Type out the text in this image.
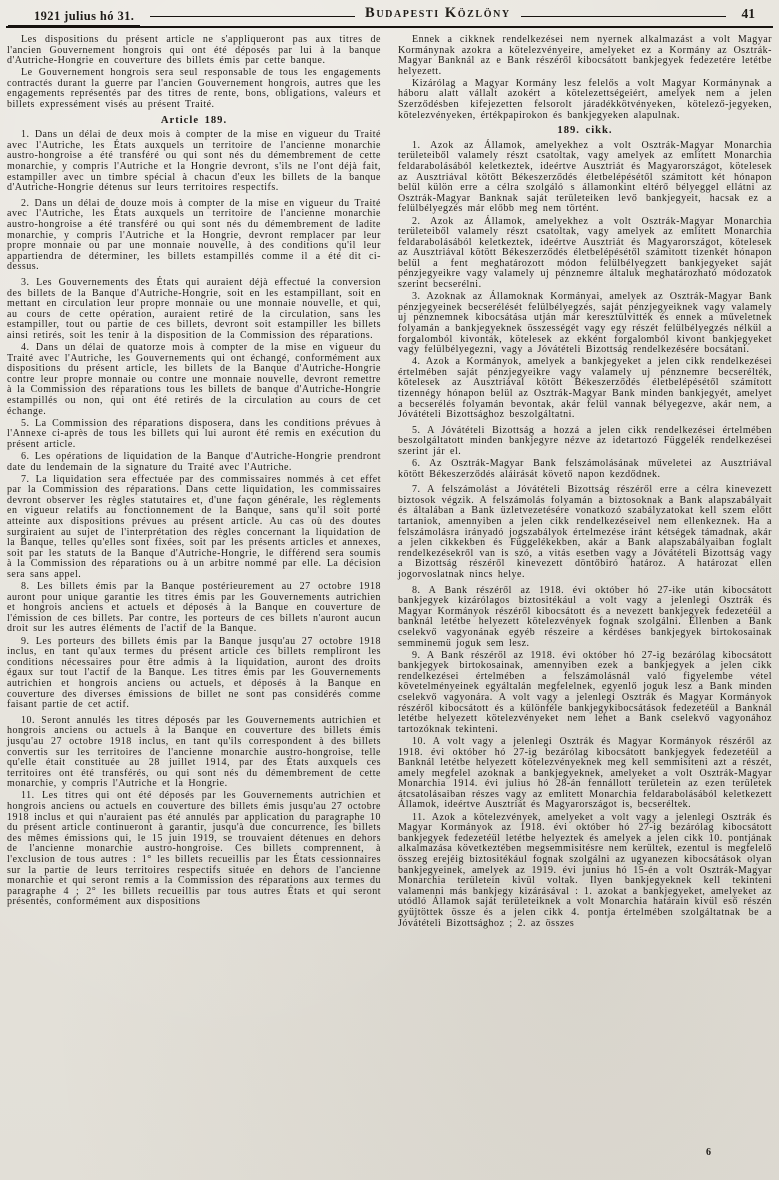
1921 julius hó 31.	Budapesti Közlöny	41

Les dispositions du présent article ne s'appliqueront pas aux titres de l'ancien Gouvernement hongrois qui ont été déposés par lui à la banque d'Autriche-Hongrie en couverture des billets émis par cette banque.

Le Gouvernement hongrois sera seul responsable de tous les engagements contractés durant la guerre par l'ancien Gouvernement hongrois, autres que les engagements représentés par des titres de rente, bons, obligations, valeurs et billets expressément visés au présent Traité.

Article 189.

1. Dans un délai de deux mois à compter de la mise en vigueur du Traité avec l'Autriche, les États auxquels un territoire de l'ancienne monarchie austro-hongroise a été transféré ou qui sont nés du démembrement de cette monarchie, y compris l'Autriche et la Hongrie devront, s'ils ne l'ont déjà fait, estampiller avec un timbre spécial à chacun d'eux les billets de la banque d'Autriche-Hongrie détenus sur leurs territoires respectifs.

2. Dans un délai de douze mois à compter de la mise en vigueur du Traité avec l'Autriche, les États auxquels un territoire de l'ancienne monarchie austro-hongroise a été transféré ou qui sont nés du démembrement de ladite monarchie, y compris l'Autriche et la Hongrie, devront remplacer par leur propre monnaie ou par une monnaie nouvelle, à des conditions qu'il leur appartiendra de déterminer, les billets estampillés comme il a été dit ci-dessus.

3. Les Gouvernements des États qui auraient déjà effectué la conversion des billets de la Banque d'Autriche-Hongrie, soit en les estampillant, soit en mettant en circulation leur propre monnaie ou une monnaie nouvelle, et qui, au cours de cette opération, auraient retiré de la circulation, sans les estampiller, tout ou partie de ces billets, devront soit estampiller les billets ainsi retirés, soit les tenir à la disposition de la Commission des réparations.

4. Dans un délai de quatorze mois à compter de la mise en vigueur du Traité avec l'Autriche, les Gouvernements qui ont échangé, conformément aux dispositions du présent article, les billets de la Banque d'Autriche-Hongrie contre leur propre monnaie ou contre une monnaie nouvelle, devront remettre à la Commission des réparations tous les billets de banque d'Autriche-Hongrie estampillés ou non, qui ont été retirés de la circulation au cours de cet échange.

5. La Commission des réparations disposera, dans les conditions prévues à l'Annexe ci-après de tous les billets qui lui auront été remis en exécution du présent article.

6. Les opérations de liquidation de la Banque d'Autriche-Hongrie prendront date du lendemain de la signature du Traité avec l'Autriche.

7. La liquidation sera effectuée par des commissaires nommés à cet effet par la Commission des réparations. Dans cette liquidation, les commissaires devront observer les règles statutaires et, d'une façon générale, les règlements en vigueur relatifs au fonctionnement de la Banque, sans qu'il soit porté atteinte aux dispositions prévues au présent article. Au cas où des doutes surgiraient au sujet de l'interprétation des règles concernant la liquidation de la Banque, telles qu'elles sont fixées, soit par les présents articles et annexes, soit par les statuts de la Banque d'Autriche-Hongrie, le différend sera soumis à la Commission des réparations ou à un arbitre nommé par elle. La décision sera sans appel.

8. Les billets émis par la Banque postérieurement au 27 octobre 1918 auront pour unique garantie les titres émis par les Gouvernements autrichien et hongrois anciens et actuels et déposés à la Banque en couverture de l'émission de ces billets. Par contre, les porteurs de ces billets n'auront aucun droit sur les autres éléments de l'actif de la Banque.

9. Les porteurs des billets émis par la Banque jusqu'au 27 octobre 1918 inclus, en tant qu'aux termes du présent article ces billets rempliront les conditions nécessaires pour être admis à la liquidation, auront des droits égaux sur tout l'actif de la Banque. Les titres émis par les Gouvernements autrichien et hongrois anciens ou actuels, et déposés à la Banque en couverture des diverses émissions de billet ne sont pas considérés comme faisant partie de cet actif.

10. Seront annulés les titres déposés par les Gouvernements autrichien et hongrois anciens ou actuels à la Banque en couverture des billets émis jusqu'au 27 octobre 1918 inclus, en tant qu'ils correspondent à des billets convertis sur les territoires de l'ancienne monarchie austro-hongroise, telle qu'elle était constituée au 28 juillet 1914, par des États auxquels ces territoires ont été transférés, ou qui sont nés du démembrement de cette monarchie, y compris l'Autriche et la Hongrie.

11. Les titres qui ont été déposés par les Gouvernements autrichien et hongrois anciens ou actuels en couverture des billets émis jusqu'au 27 octobre 1918 inclus et qui n'auraient pas été annulés par application du paragraphe 10 du présent article continueront à garantir, jusqu'à due concurrence, les billets des mêmes émissions qui, le 15 juin 1919, se trouvaient détenues en dehors de l'ancienne monarchie austro-hongroise. Ces billets comprennent, à l'exclusion de tous autres : 1° les billets recueillis par les États cessionnaires sur la partie de leurs territoires respectifs située en dehors de l'ancienne monarchie et qui seront remis a la Commission des réparations aux termes du paragraphe 4 ; 2° les billets recueillis par tous autres États et qui seront présentés, conformément aux dispositions

Ennek a cikknek rendelkezései nem nyernek alkalmazást a volt Magyar Kormánynak azokra a kötelezvényeire, amelyeket ez a Kormány az Osztrák-Magyar Banknál az e Bank részéről kibocsátott bankjegyek fedezetére letétbe helyezett.

Kizárólag a Magyar Kormány lesz felelős a volt Magyar Kormánynak a háboru alatt vállalt azokért a kötelezettségeiért, amelyek nem a jelen Szerződésben kifejezetten felsorolt járadékkötvényeken, kötelező-jegyeken, kötelezvényeken, értékpapirokon és bankjegyeken alapulnak.

189. cikk.

1. Azok az Államok, amelyekhez a volt Osztrák-Magyar Monarchia területeiből valamely részt csatoltak, vagy amelyek az emlitett Monarchia feldarabolásából keletkeztek, ideértve Ausztriát és Magyarországot, kötelesek az Ausztriával kötött Békeszerződés életbelépésétől számitott két hónapon belül külön erre a célra szolgáló s államonkint eltérő bélyeggel ellátni az Osztrák-Magyar Banknak saját területeiken levő bankjegyeit, hacsak ez a felülbélyegzés már előbb meg nem történt.

2. Azok az Államok, amelyekhez a volt Osztrák-Magyar Monarchia területeiből valamely részt csatoltak, vagy amelyek az emlitett Monarchia feldarabolásából keletkeztek, ideértve Ausztriát és Magyarországot, kötelesek az Ausztriával kötött Békeszerződés életbelépésétől számitott tizenkét hónapon belül a fent meghatározott módon felülbélyegzett bankjegyeket saját pénzjegyeikre vagy valamely uj pénznemre általuk meghatározható módozatok szerint becserélni.

3. Azoknak az Államoknak Kormányai, amelyek az Osztrák-Magyar Bank pénzjegyeinek becserélését felülbélyegzés, saját pénzjegyeiknek vagy valamely uj pénznemnek kibocsátása utján már keresztülvitték és ennek a műveletnek folyamán a bankjegyeknek összességét vagy egy részét felülbélyegzés nélkül a forgalomból kivonták, kötelesek az ekként forgalomból kivont bankjegyeket vagy felülbélyegezni, vagy a Jóvátételi Bizottság rendelkezésére bocsátani.

4. Azok a Kormányok, amelyek a bankjegyeket a jelen cikk rendelkezései értelmében saját pénzjegyeikre vagy valamely uj pénznemre becserélték, kötelesek az Ausztriával kötött Békeszerződés életbelépésétől számított tizennégy hónapon belül az Osztrák-Magyar Bank minden bankjegyét, amelyet a becserélés folyamán bevontak, akár felül vannak bélyegezve, akár nem, a Jóvátételi Bizottsághoz beszolgáltatni.

5. A Jóvátételi Bizottság a hozzá a jelen cikk rendelkezései értelmében beszolgáltatott minden bankjegyre nézve az idetartozó Függelék rendelkezései szerint jár el.

6. Az Osztrák-Magyar Bank felszámolásának műveletei az Ausztriával kötött Békeszerződés aláirását követő napon kezdődnek.

7. A felszámolást a Jóvátételi Bizottság részéről erre a célra kinevezett biztosok végzik. A felszámolás folyamán a biztosoknak a Bank alapszabályait és általában a Bank üzletvezetésére vonatkozó szabályzatokat kell szem előtt tartaniok, amennyiben a jelen cikk rendelkezéseivel nem ellenkeznek. Ha a felszámolásra irányadó jogszabályok értelmezése iránt kétségek támadnak, akár a jelen cikkekben és Függelékekben, akár a Bank alapszabályaiban foglalt rendelkezésekről van is szó, a vitás esetben vagy a Jóvátételi Bizottság vagy a Bizottság részéről kinevezett döntőbiró határoz. A határozat ellen jogorvoslatnak nincs helye.

8. A Bank részéről az 1918. évi október hó 27-ike után kibocsátott bankjegyek kizárólagos biztositékául a volt vagy a jelenlegi Osztrák és Magyar Kormányok részéről kibocsátott és a nevezett bankjegyek fedezetéül a banknál letétbe helyezett kötelezvények fognak szolgálni. Ellenben a Bank cselekvő vagyonának egyéb részeire a kérdéses bankjegyek birtokosainak semminemü joguk sem lesz.

9. A Bank részéről az 1918. évi október hó 27-ig bezárólag kibocsátott bankjegyek birtokosainak, amennyiben ezek a bankjegyek a jelen cikk rendelkezései értelmében a felszámolásnál való figyelembe vétel követelményeinek egyáltalán megfelelnek, egyenlő joguk lesz a Bank minden cselekvő vagyonára. A volt vagy a jelenlegi Osztrák és Magyar Kormányok részéről kibocsátott és a különféle bankjegykibocsátások fedezetéül a Banknál letétbe helyezett kötelezvényeket nem lehet a Bank cselekvő vagyonához tartozóknak tekinteni.

10. A volt vagy a jelenlegi Osztrák és Magyar Kormányok részéről az 1918. évi október hó 27-ig bezárólag kibocsátott bankjegyek fedezetéül a Banknál letétbe helyezett kötelezvényeknek meg kell semmisiteni azt a részét, amely megfelel azoknak a bankjegyeknek, amelyeket a volt Osztrák-Magyar Monarchia 1914. évi julius hó 28-án fennállott területein az ezen területek átcsatolásaiban részes vagy az emlitett Monarchia feldarabolásából keletkezett Államok, ideértve Ausztriát és Magyarországot is, becseréltek.

11. Azok a kötelezvények, amelyeket a volt vagy a jelenlegi Osztrák és Magyar Kormányok az 1918. évi október hó 27-ig bezárólag kibocsátott bankjegyek fedezetéül letétbe helyeztek és amelyek a jelen cikk 10. pontjának alkalmazása következtében megsemmisitésre nem kerültek, ezentul is megfelelő összeg erejéig biztositékául fognak szolgálni az ugyanezen kibocsátások olyan bankjegyeinek, amelyek az 1919. évi junius hó 15-én a volt Osztrák-Magyar Monarchia területein kivül voltak. Ilyen bankjegyeknek kell tekinteni valamenni más bankjegy kizárásával : 1. azokat a bankjegyeket, amelyeket az utódló Államok saját területeiknek a volt Monarchia határain kivül eső részén gyüjtöttek össze és a jelen cikk 4. pontja értelmében szolgáltatnak be a Jóvátételi Bizottsághoz ; 2. az összes

6
